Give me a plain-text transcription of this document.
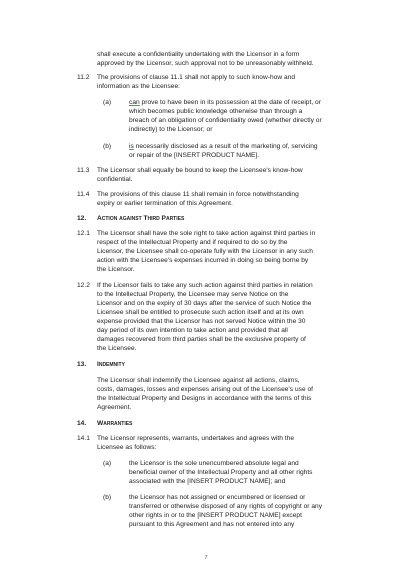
shall execute a confidentiality undertaking with the Licensor in a form
approved by the Licensor, such approval not to be unreasonably withheld.
11.2 The provisions of clause 11.1 shall not apply to such know-how and
information as the Licensee:
(a)	can prove to have been in its possession at the date of receipt, or
which becomes public knowledge otherwise than through a
breach of an obligation of confidentiality owed (whether directly or
indirectly) to the Licensor; or
(b)	is necessarily disclosed as a result of the marketing of, servicing
or repair of the [INSERT PRODUCT NAME].
11.3 The Licensor shall equally be bound to keep the Licensee's know-how
confidential.
11.4 The provisions of this clause 11 shall remain in force notwithstanding
expiry or earlier termination of this Agreement.
12. Action against Third Parties
12.1 The Licensor shall have the sole right to take action against third parties in
respect of the Intellectual Property and if required to do so by the
Licensor, the Licensee shall co-operate fully with the Licensor in any such
action with the Licensee's expenses incurred in doing so being borne by
the Licensor.
12.2 If the Licensor fails to take any such action against third parties in relation
to the Intellectual Property, the Licensee may serve Notice on the
Licensor and on the expiry of 30 days after the service of such Notice the
Licensee shall be entitled to prosecute such action itself and at its own
expense provided that the Licensor has not served Notice within the 30
day period of its own intention to take action and provided that all
damages recovered from third parties shall be the exclusive property of
the Licensee.
13. Indemnity
The Licensor shall indemnify the Licensee against all actions, claims,
costs, damages, losses and expenses arising out of the Licensee's use of
the Intellectual Property and Designs in accordance with the terms of this
Agreement.
14. Warranties
14.1 The Licensor represents, warrants, undertakes and agrees with the
Licensee as follows:
(a)	the Licensor is the sole unencumbered absolute legal and
beneficial owner of the Intellectual Property and all other rights
associated with the [INSERT PRODUCT NAME]; and
(b)	the Licensor has not assigned or encumbered or licensed or
transferred or otherwise disposed of any rights of copyright or any
other rights in or to the [INSERT PRODUCT NAME] except
pursuant to this Agreement and has not entered into any
7
